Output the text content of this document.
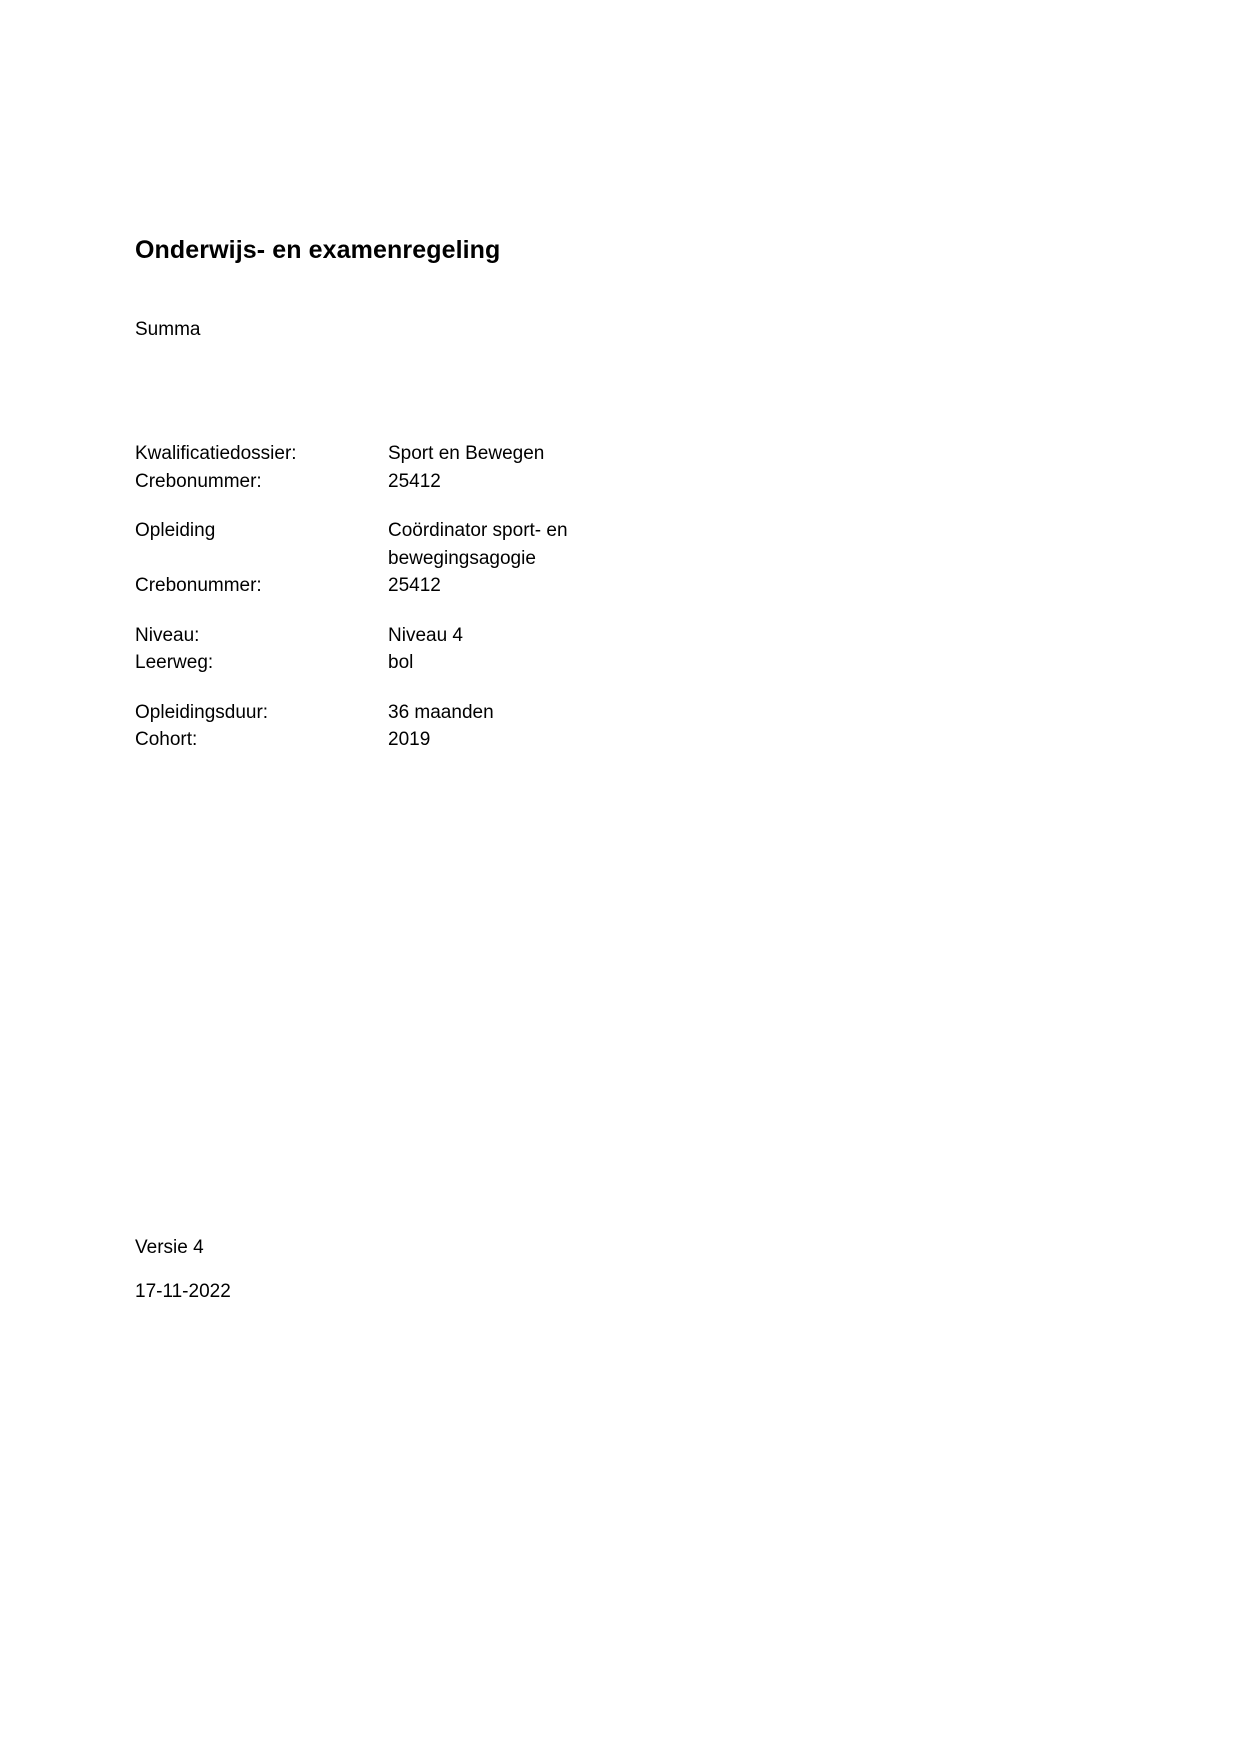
Onderwijs- en examenregeling
Summa
Kwalificatiedossier:	Sport en Bewegen
Crebonummer:	25412
Opleiding	Coördinator sport- en bewegingsagogie
Crebonummer:	25412
Niveau:	Niveau 4
Leerweg:	bol
Opleidingsduur:	36 maanden
Cohort:	2019
Versie 4
17-11-2022
